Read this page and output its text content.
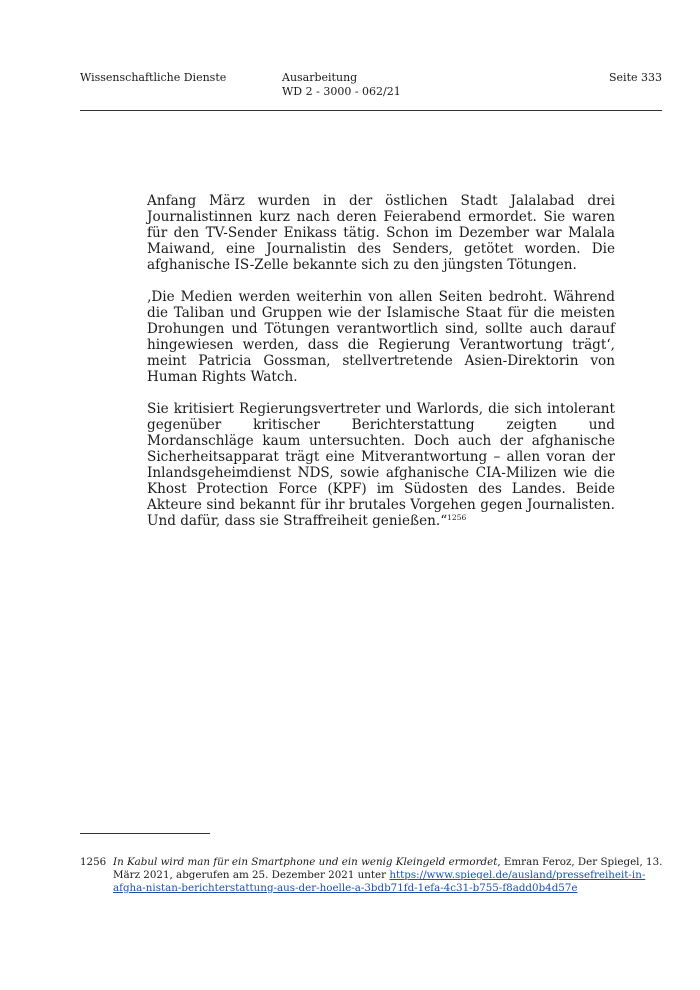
Wissenschaftliche Dienste	Ausarbeitung
WD 2 - 3000 - 062/21
Seite 333

Anfang März wurden in der östlichen Stadt Jalalabad drei Journalistinnen kurz nach deren Feierabend ermordet. Sie waren für den TV-Sender Enikass tätig. Schon im Dezember war Malala Maiwand, eine Journalistin des Senders, getötet worden. Die afghanische IS-Zelle bekannte sich zu den jüngsten Tötungen.

‚Die Medien werden weiterhin von allen Seiten bedroht. Während die Taliban und Gruppen wie der Islamische Staat für die meisten Drohungen und Tötungen verantwortlich sind, sollte auch darauf hingewiesen werden, dass die Regierung Verantwortung trägt‘, meint Patricia Gossman, stellvertretende Asien-Direktorin von Human Rights Watch.

Sie kritisiert Regierungsvertreter und Warlords, die sich intolerant gegenüber kritischer Berichterstattung zeigten und Mordanschläge kaum untersuchten. Doch auch der afghanische Sicherheitsapparat trägt eine Mitverantwortung – allen voran der Inlandsgeheimdienst NDS, sowie afghanische CIA-Milizen wie die Khost Protection Force (KPF) im Südosten des Landes. Beide Akteure sind bekannt für ihr brutales Vorgehen gegen Journalisten. Und dafür, dass sie Straffreiheit genießen.“$^{1256}$

1256 In Kabul wird man für ein Smartphone und ein wenig Kleingeld ermordet, Emran Feroz, Der Spiegel, 13. März 2021, abgerufen am 25. Dezember 2021 unter https://www.spiegel.de/ausland/pressefreiheit-in-afgha-nistan-berichterstattung-aus-der-hoelle-a-3bdb71fd-1efa-4c31-b755-f8add0b4d57e
